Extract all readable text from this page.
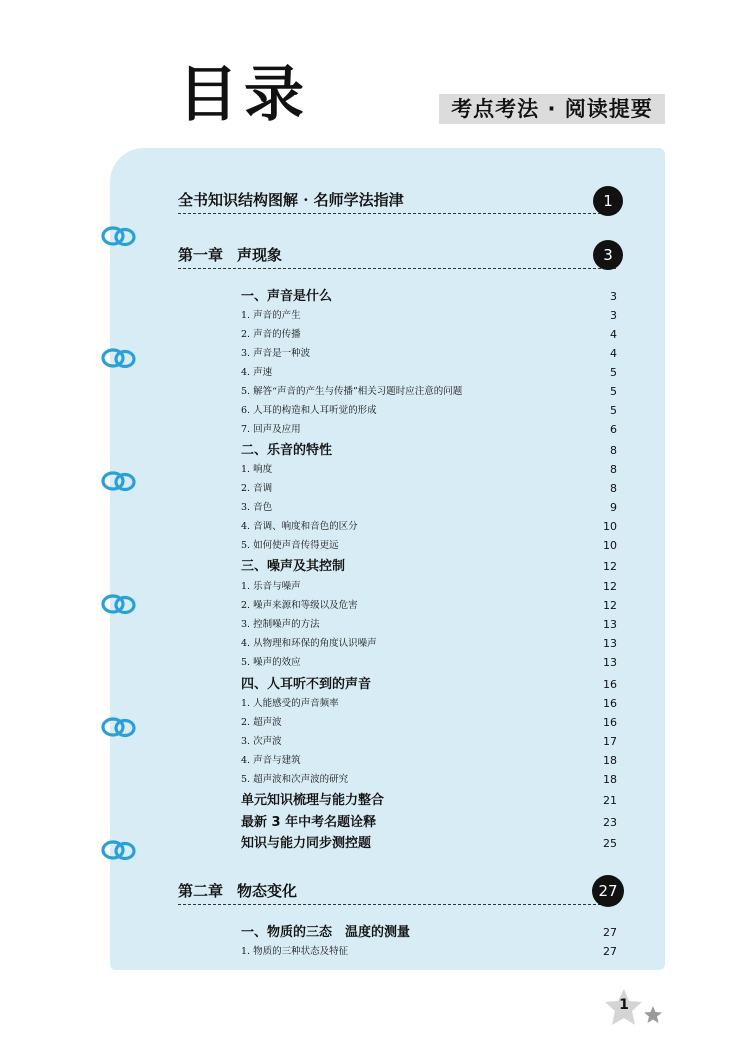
目录	考点考法 · 阅读提要
全书知识结构图解 · 名师学法指津	1
第一章 声现象	3
一、声音是什么	3
1. 声音的产生	3
2. 声音的传播	4
3. 声音是一种波	4
4. 声速	5
5. 解答“声音的产生与传播”相关习题时应注意的问题	5
6. 人耳的构造和人耳听觉的形成	5
7. 回声及应用	6
二、乐音的特性	8
1. 响度	8
2. 音调	8
3. 音色	9
4. 音调、响度和音色的区分	10
5. 如何使声音传得更远	10
三、噪声及其控制	12
1. 乐音与噪声	12
2. 噪声来源和等级以及危害	12
3. 控制噪声的方法	13
4. 从物理和环保的角度认识噪声	13
5. 噪声的效应	13
四、人耳听不到的声音	16
1. 人能感受的声音频率	16
2. 超声波	16
3. 次声波	17
4. 声音与建筑	18
5. 超声波和次声波的研究	18
单元知识梳理与能力整合	21
最新 3 年中考名题诠释	23
知识与能力同步测控题	25
第二章 物态变化	27
一、物质的三态　温度的测量	27
1. 物质的三种状态及特征	27
1
